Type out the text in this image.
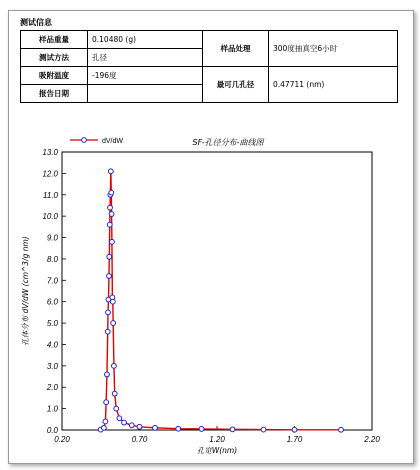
测试信息
样品重量	0.10480 (g)	样品处理	300度抽真空6小时
测试方法	孔径		
吸附温度	-196度	最可几孔径	0.47711 (nm)
报告日期			
SF-孔径分布-曲线图
dV/dW
孔体分布 dV/dW (cm^3/g nm)
孔宽W(nm)
0.0
1.0
2.0
3.0
4.0
5.0
6.0
7.0
8.0
9.0
10.0
11.0
12.0
13.0
0.20	0.70	1.20	1.70	2.20
